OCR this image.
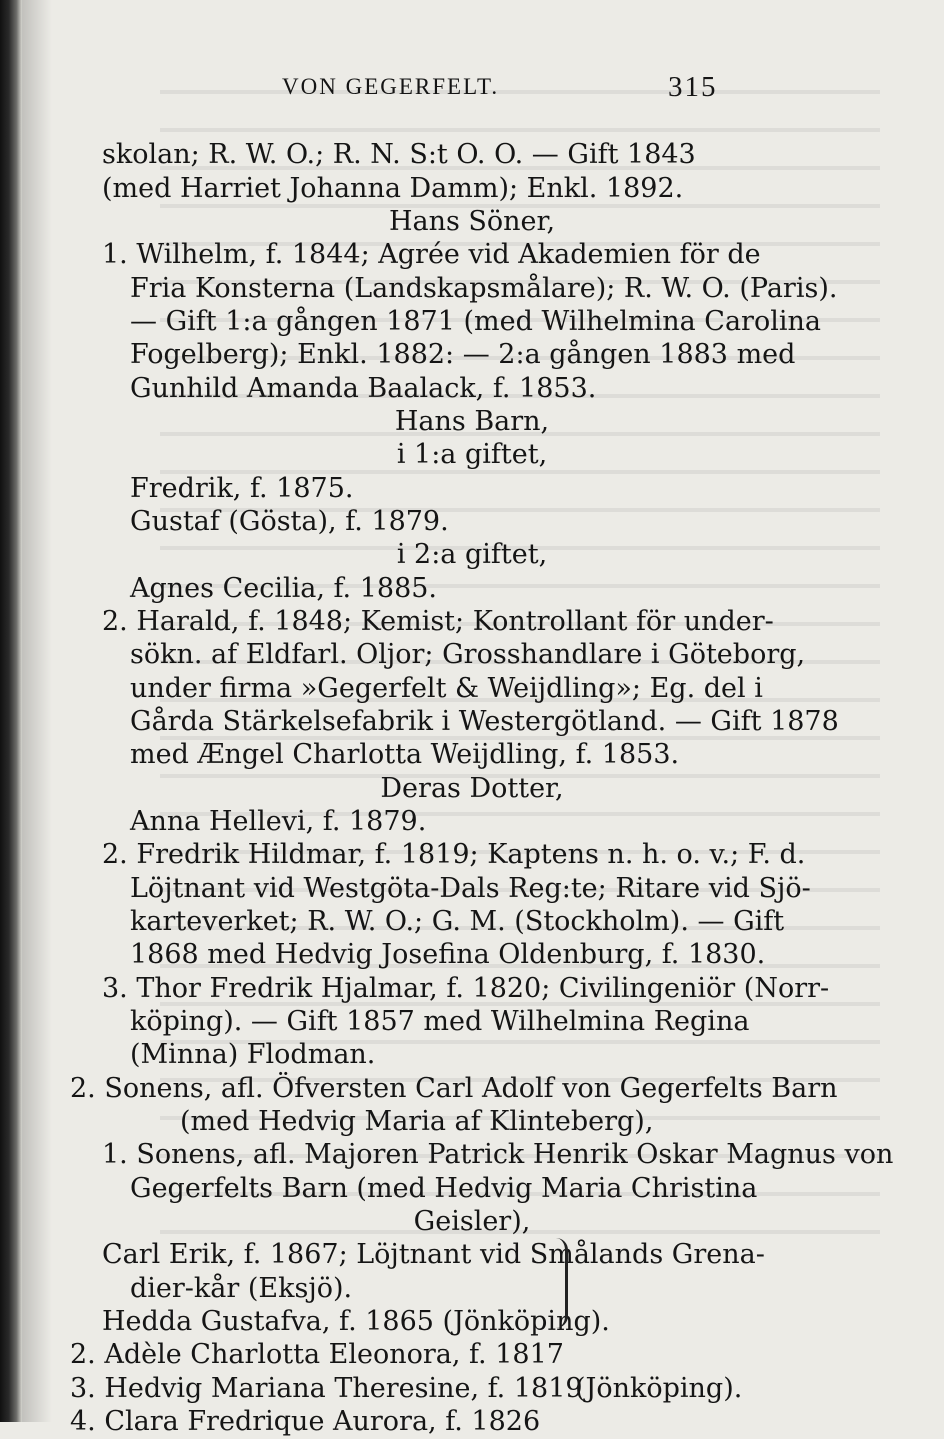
VON GEGERFELT.	315
skolan; R. W. O.; R. N. S:t O. O. — Gift 1843
(med Harriet Johanna Damm); Enkl. 1892.
Hans Söner,
1. Wilhelm, f. 1844; Agrée vid Akademien för de
Fria Konsterna (Landskapsmålare); R. W. O. (Paris).
— Gift 1:a gången 1871 (med Wilhelmina Carolina
Fogelberg); Enkl. 1882: — 2:a gången 1883 med
Gunhild Amanda Baalack, f. 1853.
Hans Barn,
i 1:a giftet,
Fredrik, f. 1875.
Gustaf (Gösta), f. 1879.
i 2:a giftet,
Agnes Cecilia, f. 1885.
2. Harald, f. 1848; Kemist; Kontrollant för under-
sökn. af Eldfarl. Oljor; Grosshandlare i Göteborg,
under firma »Gegerfelt & Weijdling»; Eg. del i
Gårda Stärkelsefabrik i Westergötland. — Gift 1878
med Ængel Charlotta Weijdling, f. 1853.
Deras Dotter,
Anna Hellevi, f. 1879.
2. Fredrik Hildmar, f. 1819; Kaptens n. h. o. v.; F. d.
Löjtnant vid Westgöta-Dals Reg:te; Ritare vid Sjö-
karteverket; R. W. O.; G. M. (Stockholm). — Gift
1868 med Hedvig Josefina Oldenburg, f. 1830.
3. Thor Fredrik Hjalmar, f. 1820; Civilingeniör (Norr-
köping). — Gift 1857 med Wilhelmina Regina
(Minna) Flodman.
2. Sonens, afl. Öfversten Carl Adolf von Gegerfelts Barn
(med Hedvig Maria af Klinteberg),
1. Sonens, afl. Majoren Patrick Henrik Oskar Magnus von
Gegerfelts Barn (med Hedvig Maria Christina
Geisler),
Carl Erik, f. 1867; Löjtnant vid Smålands Grena-
dier-kår (Eksjö).
Hedda Gustafva, f. 1865 (Jönköping).
2. Adèle Charlotta Eleonora, f. 1817
3. Hedvig Mariana Theresine, f. 1819
4. Clara Fredrique Aurora, f. 1826
(Jönköping).
